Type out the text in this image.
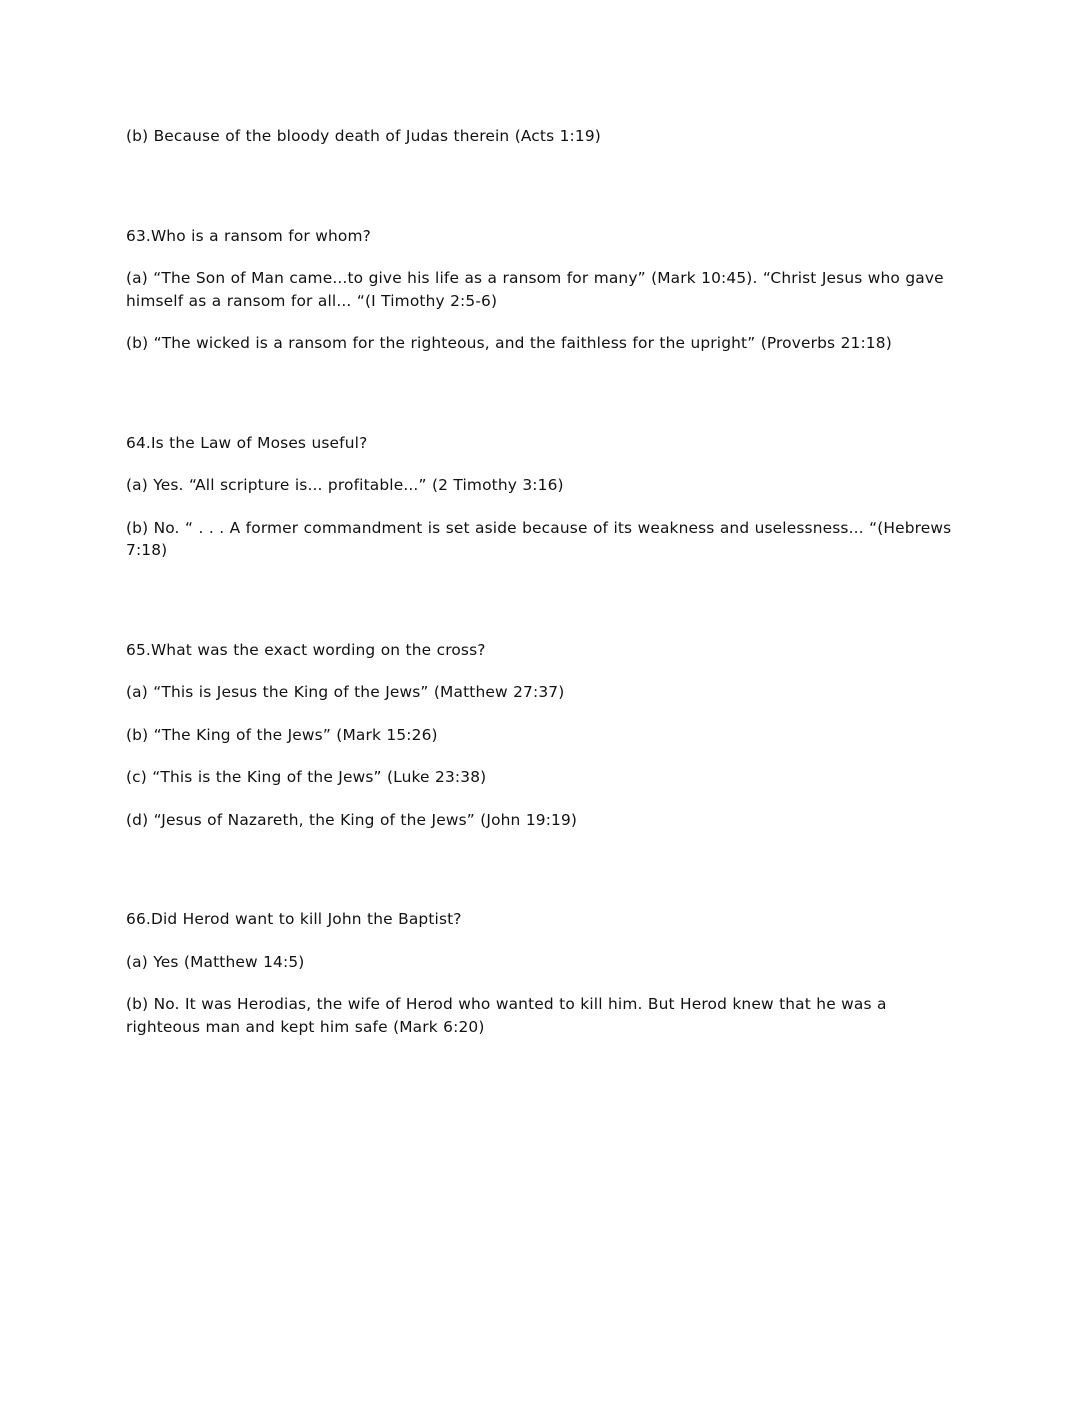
(b) Because of the bloody death of Judas therein (Acts 1:19)

63.Who is a ransom for whom?

(a) “The Son of Man came...to give his life as a ransom for many” (Mark 10:45). “Christ Jesus who gave himself as a ransom for all... “(I Timothy 2:5-6)

(b) “The wicked is a ransom for the righteous, and the faithless for the upright” (Proverbs 21:18)

64.Is the Law of Moses useful?

(a) Yes. “All scripture is... profitable...” (2 Timothy 3:16)

(b) No. “ . . . A former commandment is set aside because of its weakness and uselessness... “(Hebrews 7:18)

65.What was the exact wording on the cross?

(a) “This is Jesus the King of the Jews” (Matthew 27:37)

(b) “The King of the Jews” (Mark 15:26)

(c) “This is the King of the Jews” (Luke 23:38)

(d) “Jesus of Nazareth, the King of the Jews” (John 19:19)

66.Did Herod want to kill John the Baptist?

(a) Yes (Matthew 14:5)

(b) No. It was Herodias, the wife of Herod who wanted to kill him. But Herod knew that he was a righteous man and kept him safe (Mark 6:20)
